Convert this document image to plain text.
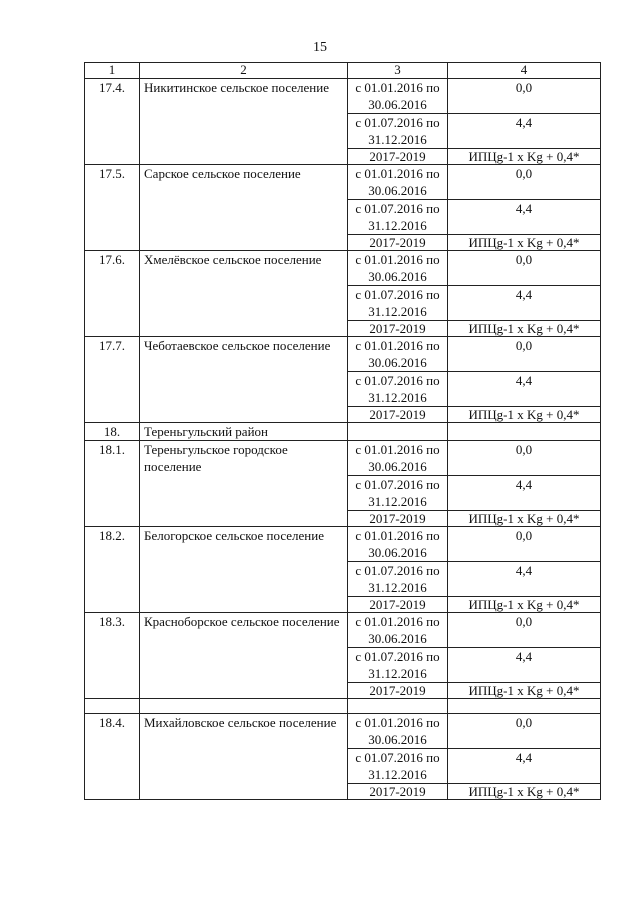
15
1	2	3	4
17.4.	Никитинское сельское поселение	с 01.01.2016 по 30.06.2016	0,0
		с 01.07.2016 по 31.12.2016	4,4
		2017-2019	ИПЦg-1 x Kg + 0,4*
17.5.	Сарское сельское поселение	с 01.01.2016 по 30.06.2016	0,0
		с 01.07.2016 по 31.12.2016	4,4
		2017-2019	ИПЦg-1 x Kg + 0,4*
17.6.	Хмелёвское сельское поселение	с 01.01.2016 по 30.06.2016	0,0
		с 01.07.2016 по 31.12.2016	4,4
		2017-2019	ИПЦg-1 x Kg + 0,4*
17.7.	Чеботаевское сельское поселение	с 01.01.2016 по 30.06.2016	0,0
		с 01.07.2016 по 31.12.2016	4,4
		2017-2019	ИПЦg-1 x Kg + 0,4*
18.	Тереньгульский район		
18.1.	Тереньгульское городское поселение	с 01.01.2016 по 30.06.2016	0,0
		с 01.07.2016 по 31.12.2016	4,4
		2017-2019	ИПЦg-1 x Kg + 0,4*
18.2.	Белогорское сельское поселение	с 01.01.2016 по 30.06.2016	0,0
		с 01.07.2016 по 31.12.2016	4,4
		2017-2019	ИПЦg-1 x Kg + 0,4*
18.3.	Красноборское сельское поселение	с 01.01.2016 по 30.06.2016	0,0
		с 01.07.2016 по 31.12.2016	4,4
		2017-2019	ИПЦg-1 x Kg + 0,4*

18.4.	Михайловское сельское поселение	с 01.01.2016 по 30.06.2016	0,0
		с 01.07.2016 по 31.12.2016	4,4
		2017-2019	ИПЦg-1 x Kg + 0,4*
